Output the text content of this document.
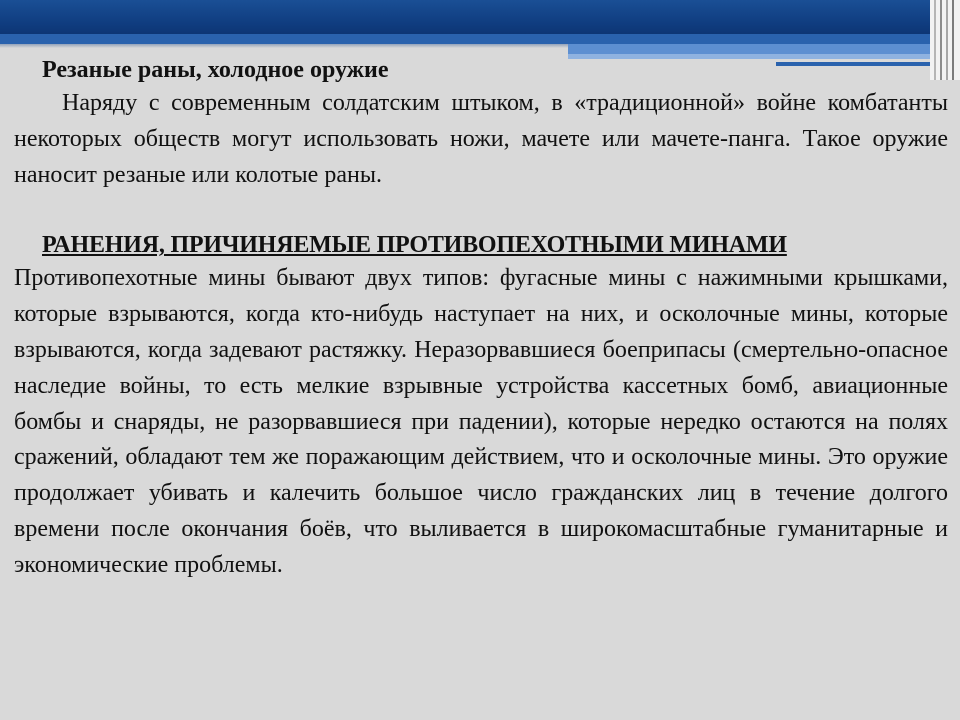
Резаные раны, холодное оружие

Наряду с современным солдатским штыком, в «традиционной» войне комбатанты некоторых обществ могут использовать ножи, мачете или мачете-панга. Такое оружие наносит резаные или колотые раны.

РАНЕНИЯ, ПРИЧИНЯЕМЫЕ ПРОТИВОПЕХОТНЫМИ МИНАМИ

Противопехотные мины бывают двух типов: фугасные мины с нажимными крышками, которые взрываются, когда кто-нибудь наступает на них, и осколочные мины, которые взрываются, когда задевают растяжку. Неразорвавшиеся боеприпасы (смертельно-опасное наследие войны, то есть мелкие взрывные устройства кассетных бомб, авиационные бомбы и снаряды, не разорвавшиеся при падении), которые нередко остаются на полях сражений, обладают тем же поражающим действием, что и осколочные мины. Это оружие продолжает убивать и калечить большое число гражданских лиц в течение долгого времени после окончания боёв, что выливается в широкомасштабные гуманитарные и экономические проблемы.
